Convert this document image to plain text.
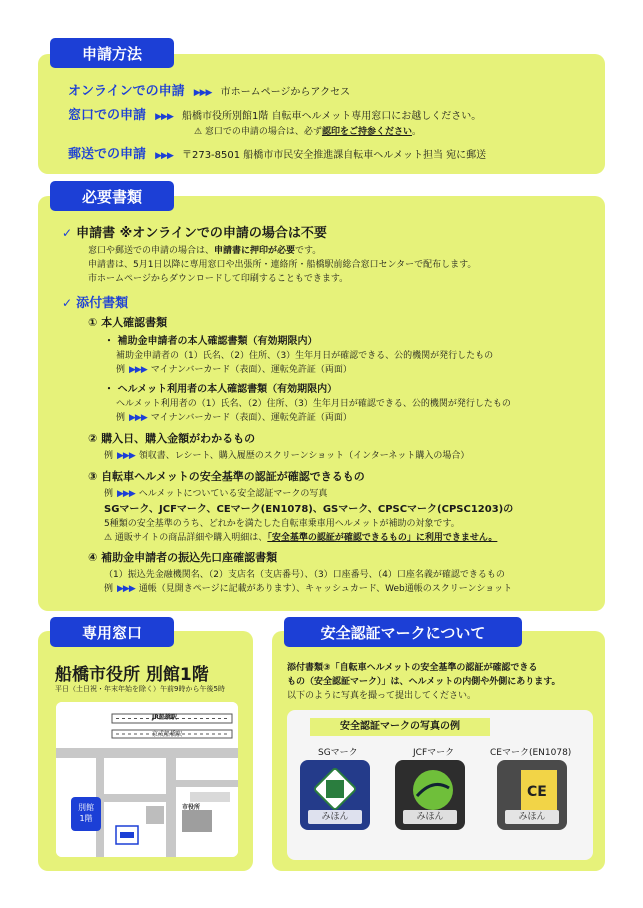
申請方法
オンラインでの申請 ▶▶▶ 市ホームページからアクセス
窓口での申請 ▶▶▶ 船橋市役所別館1階 自転車ヘルメット専用窓口にお越しください。
⚠ 窓口での申請の場合は、必ず認印をご持参ください。
郵送での申請 ▶▶▶ 〒273-8501 船橋市市民安全推進課自転車ヘルメット担当 宛に郵送
必要書類
✓ 申請書 ※オンラインでの申請の場合は不要
窓口や郵送での申請の場合は、申請書に押印が必要です。
申請書は、5月1日以降に専用窓口や出張所・連絡所・船橋駅前総合窓口センターで配布します。
市ホームページからダウンロードして印刷することもできます。
✓ 添付書類
① 本人確認書類
・ 補助金申請者の本人確認書類（有効期限内）
補助金申請者の（1）氏名、（2）住所、（3）生年月日が確認できる、公的機関が発行したもの
例 ▶▶▶ マイナンバーカード（表面）、運転免許証（両面）
・ ヘルメット利用者の本人確認書類（有効期限内）
ヘルメット利用者の（1）氏名、（2）住所、（3）生年月日が確認できる、公的機関が発行したもの
例 ▶▶▶ マイナンバーカード（表面）、運転免許証（両面）
② 購入日、購入金額がわかるもの
例 ▶▶▶ 領収書、レシート、購入履歴のスクリーンショット（インターネット購入の場合）
③ 自転車ヘルメットの安全基準の認証が確認できるもの
例 ▶▶▶ ヘルメットについている安全認証マークの写真
SGマーク、JCFマーク、CEマーク(EN1078)、GSマーク、CPSCマーク(CPSC1203)の
5種類の安全基準のうち、どれかを満たした自転車乗車用ヘルメットが補助の対象です。
⚠ 通販サイトの商品詳細や購入明細は、「安全基準の認証が確認できるもの」に利用できません。
④ 補助金申請者の振込先口座確認書類
（1）振込先金融機関名、（2）支店名（支店番号）、（3）口座番号、（4）口座名義が確認できるもの
例 ▶▶▶ 通帳（見開きページに記載があります）、キャッシュカード、Web通帳のスクリーンショット
専用窓口
船橋市役所 別館1階
平日（土日祝・年末年始を除く）午前9時から午後5時
JR船橋駅
京成船橋駅
市役所
別館
1階
安全認証マークについて
添付書類③「自転車ヘルメットの安全基準の認証が確認できる
もの（安全認証マーク）」は、ヘルメットの内側や外側にあります。
以下のように写真を撮って提出してください。
安全認証マークの写真の例
SGマーク	JCFマーク	CEマーク(EN1078)
みほん	みほん
CE
みほん
